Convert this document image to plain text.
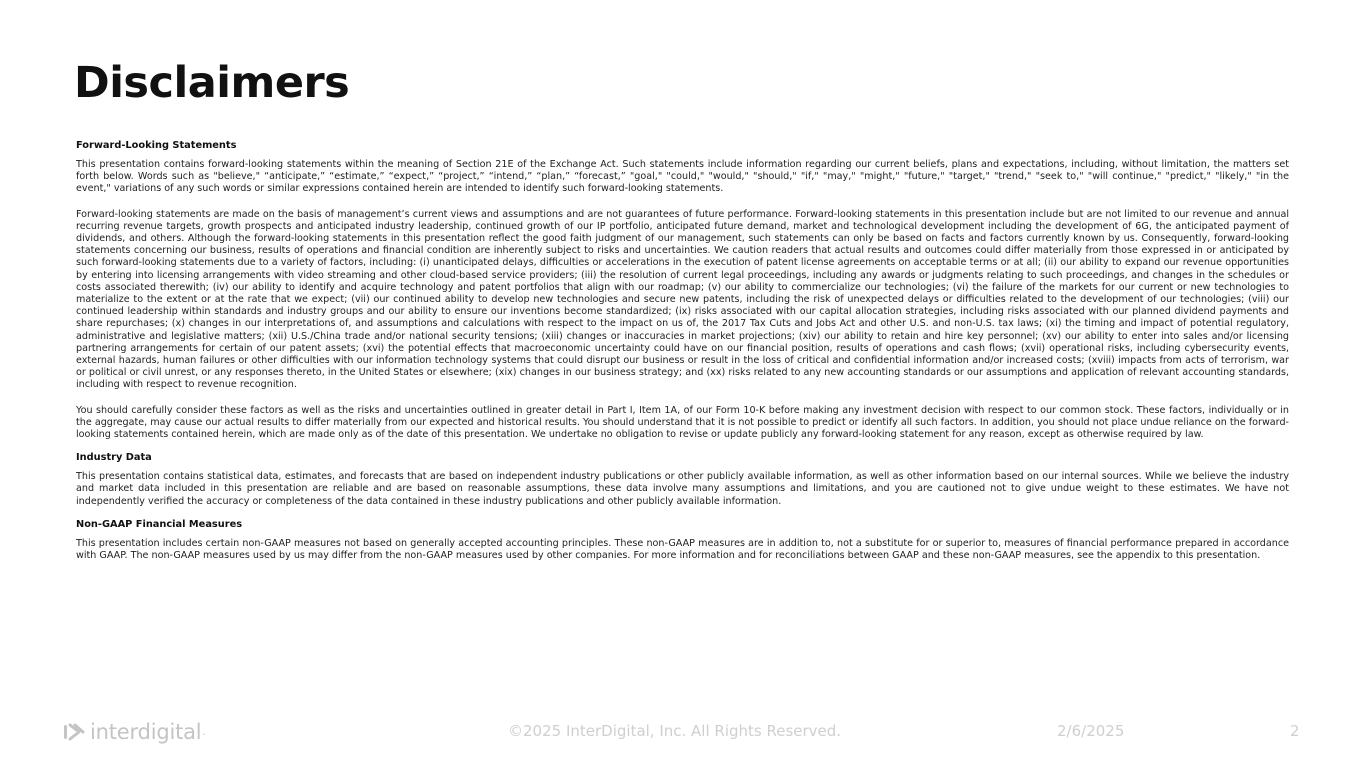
Disclaimers
Forward-Looking Statements

This presentation contains forward-looking statements within the meaning of Section 21E of the Exchange Act. Such statements include information regarding our current beliefs, plans and expectations, including, without limitation, the matters set forth below. Words such as "believe," “anticipate,” “estimate,” “expect,” “project,” “intend,” “plan,” “forecast,” "goal," "could," "would," "should," "if," "may," "might," "future," "target," "trend," "seek to," "will continue," "predict," "likely," "in the event," variations of any such words or similar expressions contained herein are intended to identify such forward-looking statements.

Forward-looking statements are made on the basis of management’s current views and assumptions and are not guarantees of future performance. Forward-looking statements in this presentation include but are not limited to our revenue and annual recurring revenue targets, growth prospects and anticipated industry leadership, continued growth of our IP portfolio, anticipated future demand, market and technological development including the development of 6G, the anticipated payment of dividends, and others. Although the forward-looking statements in this presentation reflect the good faith judgment of our management, such statements can only be based on facts and factors currently known by us. Consequently, forward-looking statements concerning our business, results of operations and financial condition are inherently subject to risks and uncertainties. We caution readers that actual results and outcomes could differ materially from those expressed in or anticipated by such forward-looking statements due to a variety of factors, including: (i) unanticipated delays, difficulties or accelerations in the execution of patent license agreements on acceptable terms or at all; (ii) our ability to expand our revenue opportunities by entering into licensing arrangements with video streaming and other cloud-based service providers; (iii) the resolution of current legal proceedings, including any awards or judgments relating to such proceedings, and changes in the schedules or costs associated therewith; (iv) our ability to identify and acquire technology and patent portfolios that align with our roadmap; (v) our ability to commercialize our technologies; (vi) the failure of the markets for our current or new technologies to materialize to the extent or at the rate that we expect; (vii) our continued ability to develop new technologies and secure new patents, including the risk of unexpected delays or difficulties related to the development of our technologies; (viii) our continued leadership within standards and industry groups and our ability to ensure our inventions become standardized; (ix) risks associated with our capital allocation strategies, including risks associated with our planned dividend payments and share repurchases; (x) changes in our interpretations of, and assumptions and calculations with respect to the impact on us of, the 2017 Tax Cuts and Jobs Act and other U.S. and non-U.S. tax laws; (xi) the timing and impact of potential regulatory, administrative and legislative matters; (xii) U.S./China trade and/or national security tensions; (xiii) changes or inaccuracies in market projections; (xiv) our ability to retain and hire key personnel; (xv) our ability to enter into sales and/or licensing partnering arrangements for certain of our patent assets; (xvi) the potential effects that macroeconomic uncertainty could have on our financial position, results of operations and cash flows; (xvii) operational risks, including cybersecurity events, external hazards, human failures or other difficulties with our information technology systems that could disrupt our business or result in the loss of critical and confidential information and/or increased costs; (xviii) impacts from acts of terrorism, war or political or civil unrest, or any responses thereto, in the United States or elsewhere; (xix) changes in our business strategy; and (xx) risks related to any new accounting standards or our assumptions and application of relevant accounting standards, including with respect to revenue recognition.

You should carefully consider these factors as well as the risks and uncertainties outlined in greater detail in Part I, Item 1A, of our Form 10-K before making any investment decision with respect to our common stock. These factors, individually or in the aggregate, may cause our actual results to differ materially from our expected and historical results. You should understand that it is not possible to predict or identify all such factors. In addition, you should not place undue reliance on the forward-looking statements contained herein, which are made only as of the date of this presentation. We undertake no obligation to revise or update publicly any forward-looking statement for any reason, except as otherwise required by law.

Industry Data

This presentation contains statistical data, estimates, and forecasts that are based on independent industry publications or other publicly available information, as well as other information based on our internal sources. While we believe the industry and market data included in this presentation are reliable and are based on reasonable assumptions, these data involve many assumptions and limitations, and you are cautioned not to give undue weight to these estimates. We have not independently verified the accuracy or completeness of the data contained in these industry publications and other publicly available information.

Non-GAAP Financial Measures

This presentation includes certain non-GAAP measures not based on generally accepted accounting principles. These non-GAAP measures are in addition to, not a substitute for or superior to, measures of financial performance prepared in accordance with GAAP. The non-GAAP measures used by us may differ from the non-GAAP measures used by other companies. For more information and for reconciliations between GAAP and these non-GAAP measures, see the appendix to this presentation.

interdigital .	©2025 InterDigital, Inc. All Rights Reserved.	2/6/2025	2
